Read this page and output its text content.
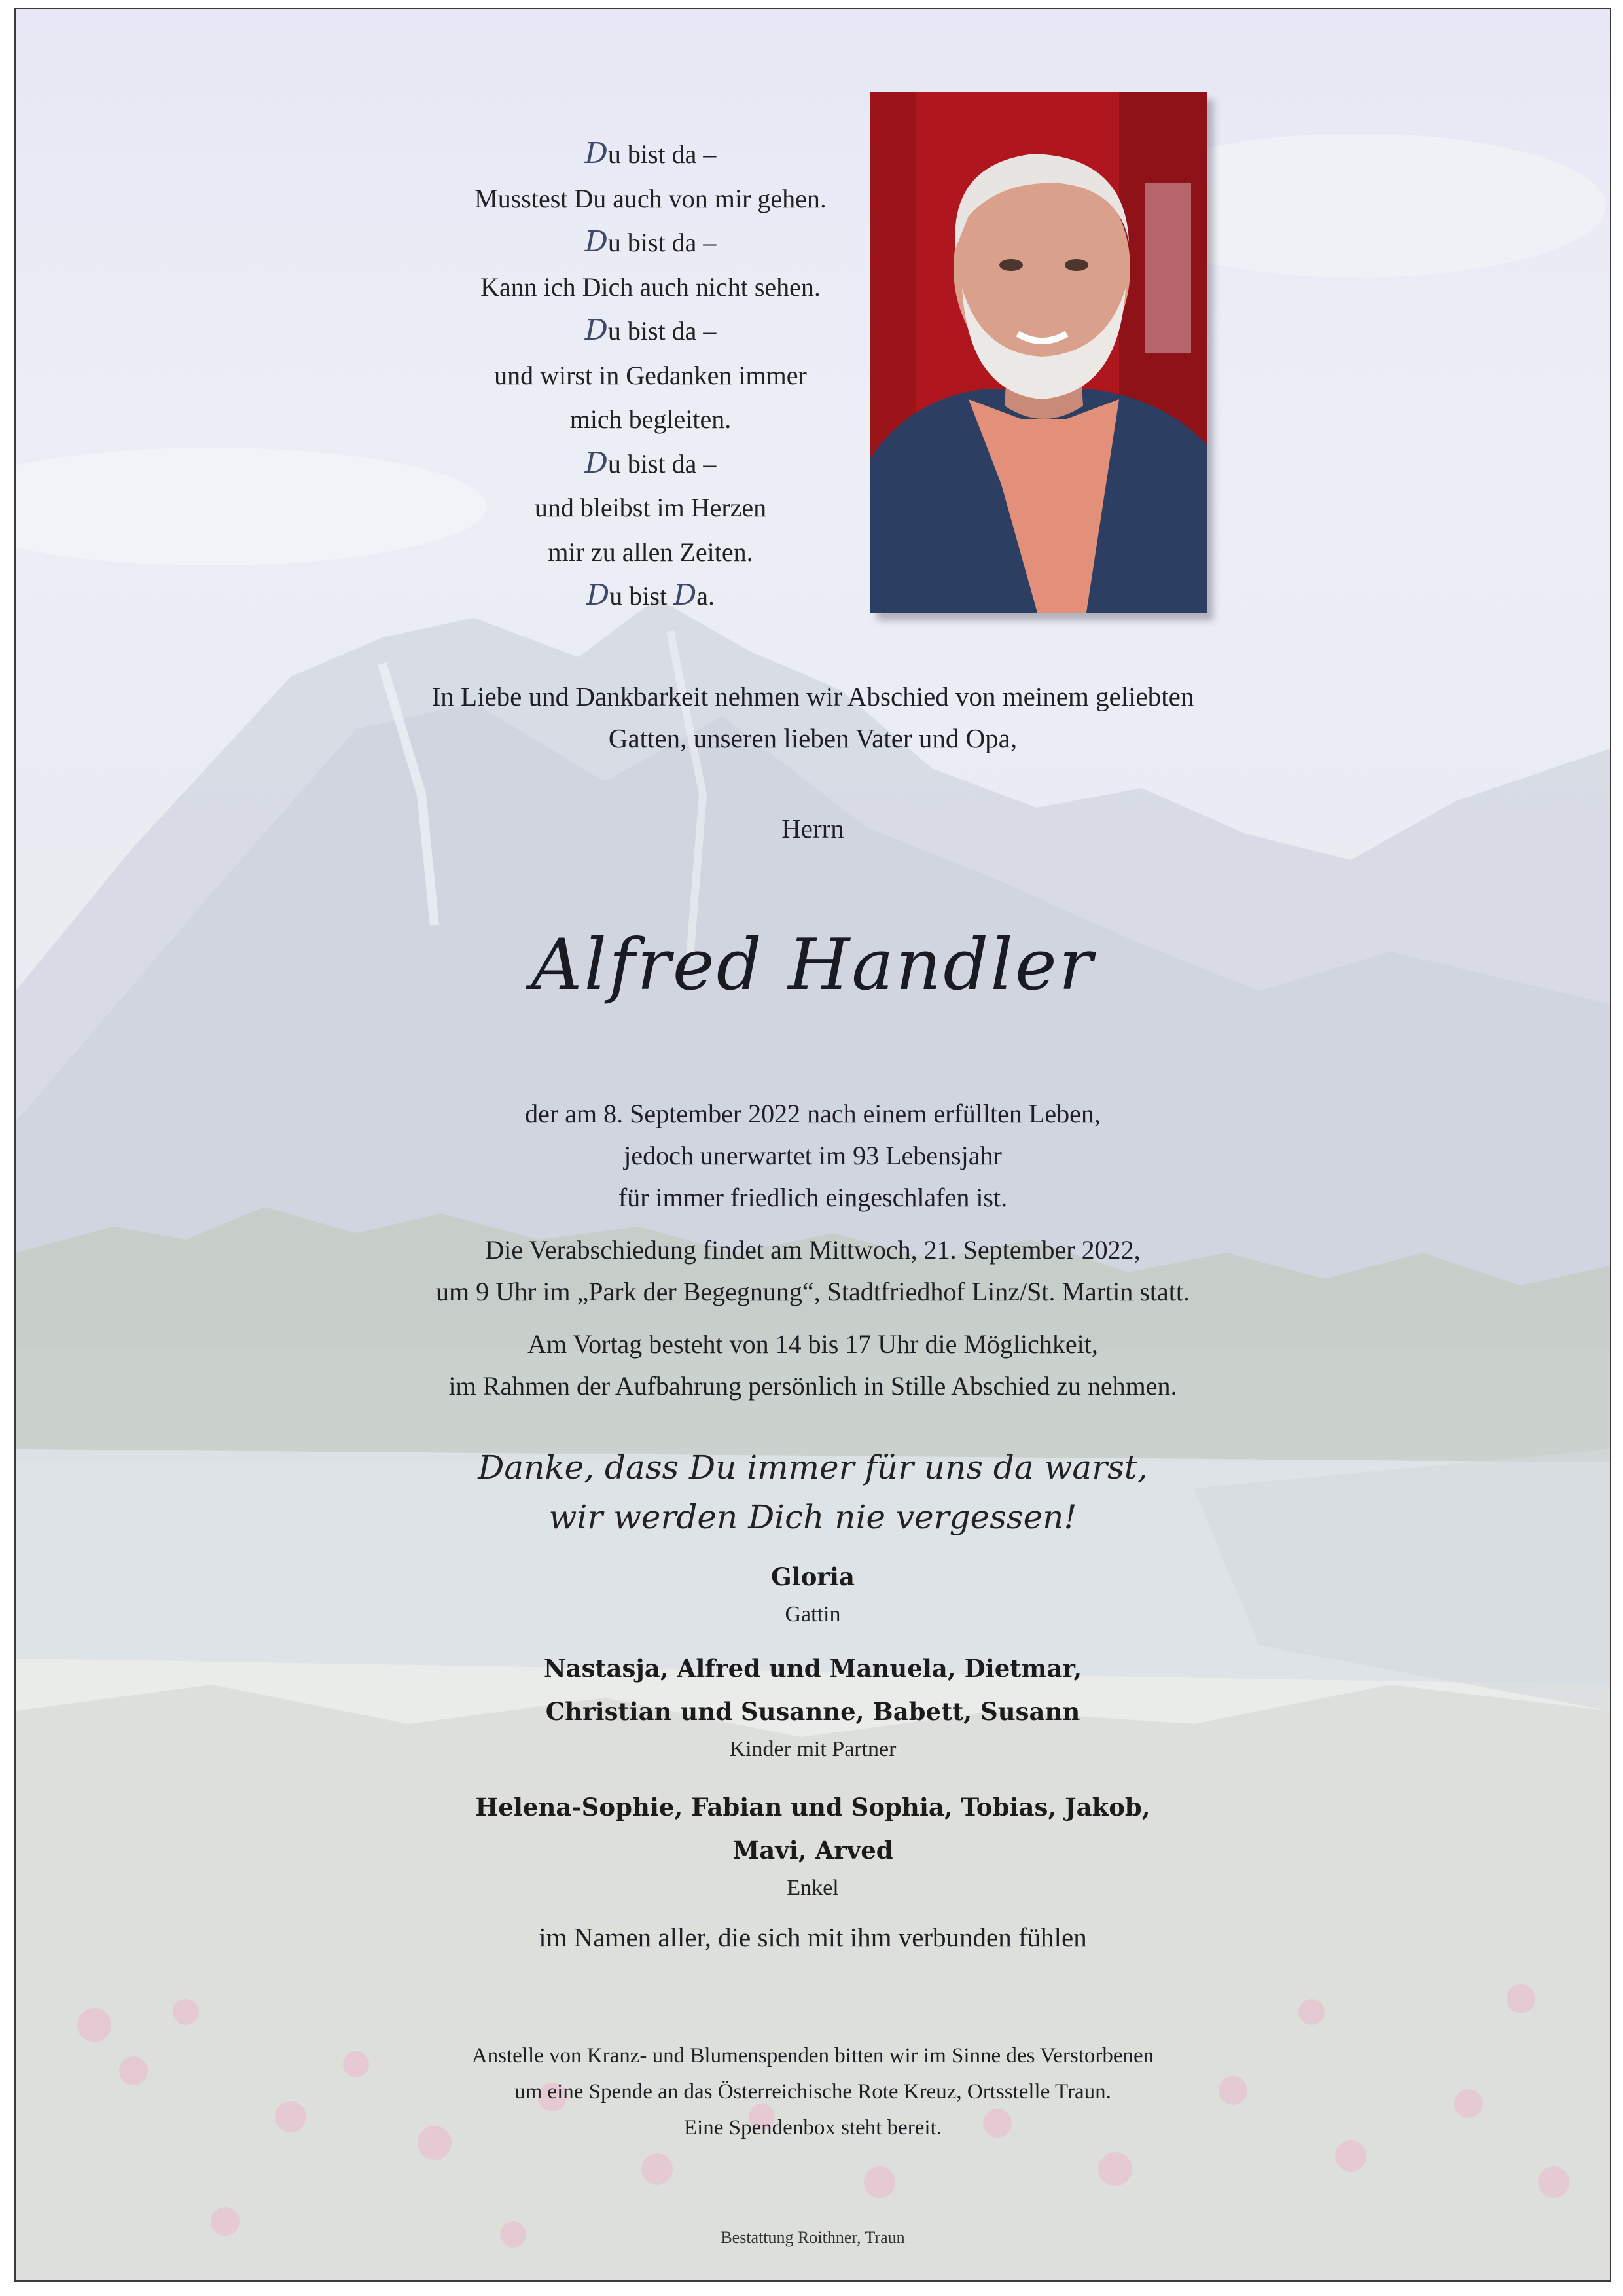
Du bist da –
Musstest Du auch von mir gehen.
Du bist da –
Kann ich Dich auch nicht sehen.
Du bist da –
und wirst in Gedanken immer
mich begleiten.
Du bist da –
und bleibst im Herzen
mir zu allen Zeiten.
Du bist Da.
In Liebe und Dankbarkeit nehmen wir Abschied von meinem geliebten
Gatten, unseren lieben Vater und Opa,
Herrn
Alfred Handler

der am 8. September 2022 nach einem erfüllten Leben,

jedoch unerwartet im 93 Lebensjahr

für immer friedlich eingeschlafen ist.

Die Verabschiedung findet am Mittwoch, 21. September 2022,

um 9 Uhr im „Park der Begegnung“, Stadtfriedhof Linz/St. Martin statt.

Am Vortag besteht von 14 bis 17 Uhr die Möglichkeit,

im Rahmen der Aufbahrung persönlich in Stille Abschied zu nehmen.

Danke, dass Du immer für uns da warst,
wir werden Dich nie vergessen!
Gloria
Gattin
Nastasja, Alfred und Manuela, Dietmar,
Christian und Susanne, Babett, Susann
Kinder mit Partner
Helena-Sophie, Fabian und Sophia, Tobias, Jakob,
Mavi, Arved
Enkel
im Namen aller, die sich mit ihm verbunden fühlen
Anstelle von Kranz- und Blumenspenden bitten wir im Sinne des Verstorbenen
um eine Spende an das Österreichische Rote Kreuz, Ortsstelle Traun.
Eine Spendenbox steht bereit.
Bestattung Roithner, Traun
